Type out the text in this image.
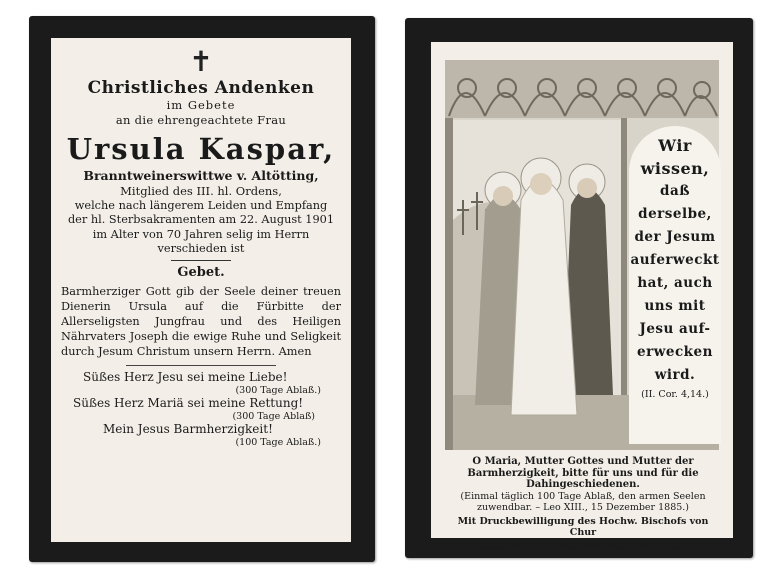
✝
Christliches Andenken
im Gebete
an die ehrengeachtete Frau
Ursula Kaspar,
Branntweinerswittwe v. Altötting,
Mitglied des III. hl. Ordens,
welche nach längerem Leiden und Empfang
der hl. Sterbsakramenten am 22. August 1901
im Alter von 70 Jahren selig im Herrn
verschieden ist
Gebet.
Barmherziger Gott gib der Seele deiner treuen Dienerin Ursula auf die Fürbitte der Allerseligsten Jungfrau und des Heiligen Nährvaters Joseph die ewige Ruhe und Seligkeit durch Jesum Christum unsern Herrn. Amen
Süßes Herz Jesu sei meine Liebe!
(300 Tage Ablaß.)
Süßes Herz Mariä sei meine Rettung!
(300 Tage Ablaß)
Mein Jesus Barmherzigkeit!
(100 Tage Ablaß.)
Wir wissen,
daß derselbe,
der Jesum
auferweckt
hat, auch
uns mit
Jesu auf-
erwecken
wird.
(II. Cor. 4,14.)
O Maria, Mutter Gottes und Mutter der Barmherzigkeit, bitte für uns und für die Dahingeschiedenen.
(Einmal täglich 100 Tage Ablaß, den armen Seelen zuwendbar. – Leo XIII., 15 Dezember 1885.)
Mit Druckbewilligung des Hochw. Bischofs von Chur
Benziger & Co. A. G. Dep. 3869. Einsiedeln. Schweiz.
